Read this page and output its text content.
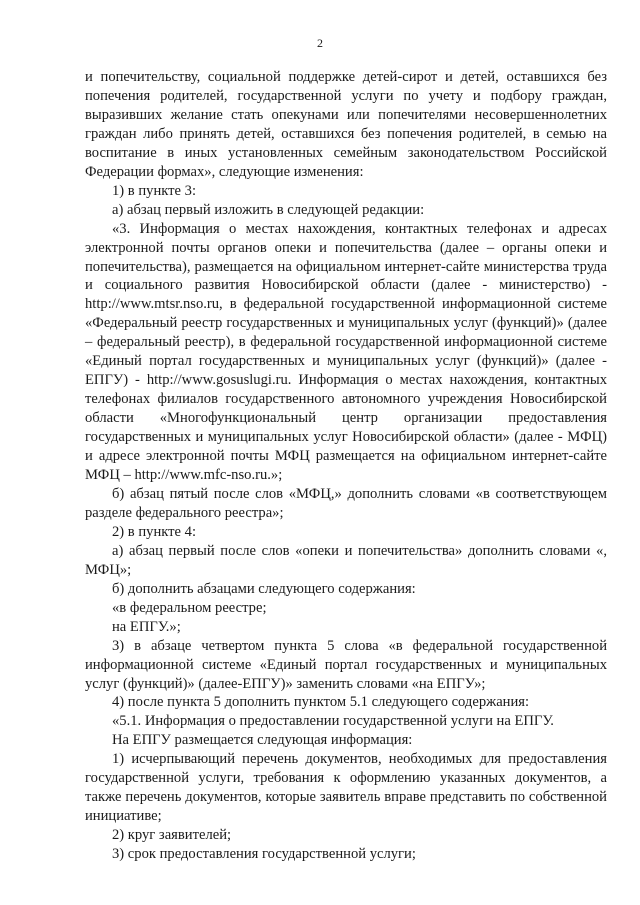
2

и попечительству, социальной поддержке детей-сирот и детей, оставшихся без попечения родителей, государственной услуги по учету и подбору граждан, выразивших желание стать опекунами или попечителями несовершеннолетних граждан либо принять детей, оставшихся без попечения родителей, в семью на воспитание в иных установленных семейным законодательством Российской Федерации формах», следующие изменения:

1) в пункте 3:

а) абзац первый изложить в следующей редакции:

«3. Информация о местах нахождения, контактных телефонах и адресах электронной почты органов опеки и попечительства (далее – органы опеки и попечительства), размещается на официальном интернет-сайте министерства труда и социального развития Новосибирской области (далее - министерство) - http://www.mtsr.nso.ru, в федеральной государственной информационной системе «Федеральный реестр государственных и муниципальных услуг (функций)» (далее – федеральный реестр), в федеральной государственной информационной системе «Единый портал государственных и муниципальных услуг (функций)» (далее - ЕПГУ) - http://www.gosuslugi.ru. Информация о местах нахождения, контактных телефонах филиалов государственного автономного учреждения Новосибирской области «Многофункциональный центр организации предоставления государственных и муниципальных услуг Новосибирской области» (далее - МФЦ) и адресе электронной почты МФЦ размещается на официальном интернет-сайте МФЦ – http://www.mfc-nso.ru.»;

б) абзац пятый после слов «МФЦ,» дополнить словами «в соответствующем разделе федерального реестра»;

2) в пункте 4:

а) абзац первый после слов «опеки и попечительства» дополнить словами «, МФЦ»;

б) дополнить абзацами следующего содержания:

«в федеральном реестре;

на ЕПГУ.»;

3) в абзаце четвертом пункта 5 слова «в федеральной государственной информационной системе «Единый портал государственных и муниципальных услуг (функций)» (далее-ЕПГУ)» заменить словами «на ЕПГУ»;

4) после пункта 5 дополнить пунктом 5.1 следующего содержания:

«5.1. Информация о предоставлении государственной услуги на ЕПГУ.

На ЕПГУ размещается следующая информация:

1) исчерпывающий перечень документов, необходимых для предоставления государственной услуги, требования к оформлению указанных документов, а также перечень документов, которые заявитель вправе представить по собственной инициативе;

2) круг заявителей;

3) срок предоставления государственной услуги;
